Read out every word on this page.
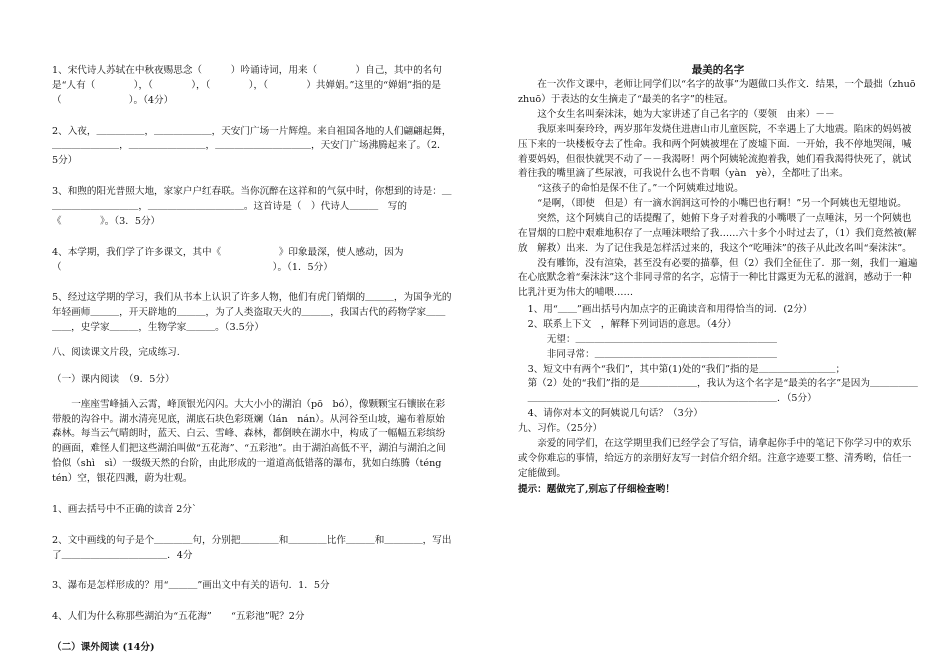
1、宋代诗人苏轼在中秋夜赐思念（　　　）吟诵诗词，用来（　　　　）自己，其中的名句是“人有（　　　　），（　　　　），（　　　　），（　　　　）共婵娟。”这里的“婵娟”指的是（　　　　　　　）。（4分）

2、入夜，＿＿＿＿＿，＿＿＿＿＿＿，天安门广场一片辉煌。来自祖国各地的人们翩翩起舞，＿＿＿＿＿＿＿，＿＿＿＿＿＿＿＿，＿＿＿＿＿＿＿＿＿＿，天安门广场沸腾起来了。（2．5分）

3、和煦的阳光普照大地，家家户户红春联。当你沉醉在这祥和的气氛中时，你想到的诗是：＿＿＿＿＿＿＿＿＿＿，＿＿＿＿＿＿＿＿＿＿。这首诗是（　）代诗人＿＿＿　写的《　　　　》。（3．5分）

4、本学期，我们学了许多课文，其中《　　　　　　》印象最深，使人感动，因为（　　　　　　　　　　　　　　　　　　　　　　）。（1．5分）

5、经过这学期的学习，我们从书本上认识了许多人物，他们有虎门销烟的＿＿＿，为国争光的年轻画师＿＿＿，开天辟地的＿＿＿，为了人类盗取天火的＿＿＿，我国古代的药物学家＿＿＿＿，史学家＿＿＿，生物学家＿＿＿。（3.5分）

八、阅读课文片段，完成练习.

（一）课内阅读　（9．5分）

一座座雪峰插入云霄，峰顶银光闪闪。大大小小的湖泊（pō　bó），像颗颗宝石镶嵌在彩带般的沟谷中。湖水清亮见底，湖底石块色彩斑斓（lán　nán）。从河谷至山坡，遍布着原始森林。每当云气晴朗时，蓝天、白云、雪峰、森林，都倒映在湖水中，构成了一幅幅五彩缤纷的画面，难怪人们把这些湖泊叫做“五花海”、“五彩池”。由于湖泊高低不平，湖泊与湖泊之间恰似（shì　sì）一级级天然的台阶，由此形成的一道道高低错落的瀑布，犹如白练腾（téng　tén）空，银花四溅，蔚为壮观。

1、画去括号中不正确的读音 2分`

2、文中画线的句子是个＿＿＿＿句，分别把＿＿＿＿和＿＿＿＿比作＿＿＿和＿＿＿＿，写出了＿＿＿＿＿＿＿＿＿＿＿．4分

3、瀑布是怎样形成的？用“＿＿＿”画出文中有关的语句．1．5分

4、人们为什么称那些湖泊为“五花海”　　“五彩池”呢？2分

（二）课外阅读 (14分)

最美的名字

在一次作文课中，老师让同学们以“名字的故事”为题做口头作文．结果，一个最拙（zhuō　zhuō）于表达的女生摘走了“最美的名字”的桂冠。

这个女生名叫秦沫沫，她为大家讲述了自己名字的（要领　由来）－－

我原来叫秦玲玲，两岁那年发烧住进唐山市儿童医院，不幸遇上了大地震。陷床的妈妈被压下来的一块楼板夺去了性命。我和两个阿姨被埋在了废墟下面．一开始，我不停地哭闹，喊着要妈妈，但很快就哭不动了－－我渴呀！两个阿姨轮流抱着我，她们看我渴得快死了，就试着往我的嘴里滴了些尿液，可我说什么也不肯咽（yàn　yè），全都吐了出来。

“这孩子的命怕是保不住了。”一个阿姨难过地说。

“是啊，（即使　但是）有一滴水润润这可怜的小嘴巴也行啊！”另一个阿姨也无望地说。

突然，这个阿姨自己的话提醒了，她俯下身子对着我的小嘴喂了一点唾沫，另一个阿姨也在冒烟的口腔中艰难地积存了一点唾沫喂给了我……六十多个小时过去了，（1）我们竟然被(解放　解救）出来．为了记住我是怎样活过来的，我这个“吃唾沫”的孩子从此改名叫“秦沫沫”。

没有雕饰，没有渲染，甚至没有必要的描摹，但（2）我们全征住了．那一刻，我们一遍遍在心底默念着“秦沫沫”这个非同寻常的名字，忘情于一种比甘露更为无私的滋润，感动于一种比乳汁更为伟大的哺喂……

1、用“＿＿”画出括号内加点字的正确读音和用得恰当的词．(2分）

2、联系上下文　，解释下列词语的意思。（4分）

　无望：＿＿＿＿＿＿＿＿＿＿＿＿＿＿＿＿＿＿＿＿＿

　非同寻常：＿＿＿＿＿＿＿＿＿＿＿＿＿＿＿＿＿＿＿

3、短文中有两个“我们”，其中第(1)处的“我们”指的是＿＿＿＿＿＿＿＿；

第（2）处的“我们”指的是＿＿＿＿＿＿，我认为这个名字是“最美的名字”是因为＿＿＿＿＿＿＿＿＿＿＿＿＿＿＿＿＿＿＿＿＿＿＿＿＿＿＿＿＿＿＿．（5分）

4、请你对本文的阿姨说几句话？（3分）

九、习作。（25分）

亲爱的同学们，在这学期里我们已经学会了写信，请拿起你手中的笔记下你学习中的欢乐或令你难忘的事情，给远方的亲朋好友写一封信介绍介绍。注意字迹要工整、清秀哟，信任一定能做到。

提示：题做完了,别忘了仔细检查哟！
